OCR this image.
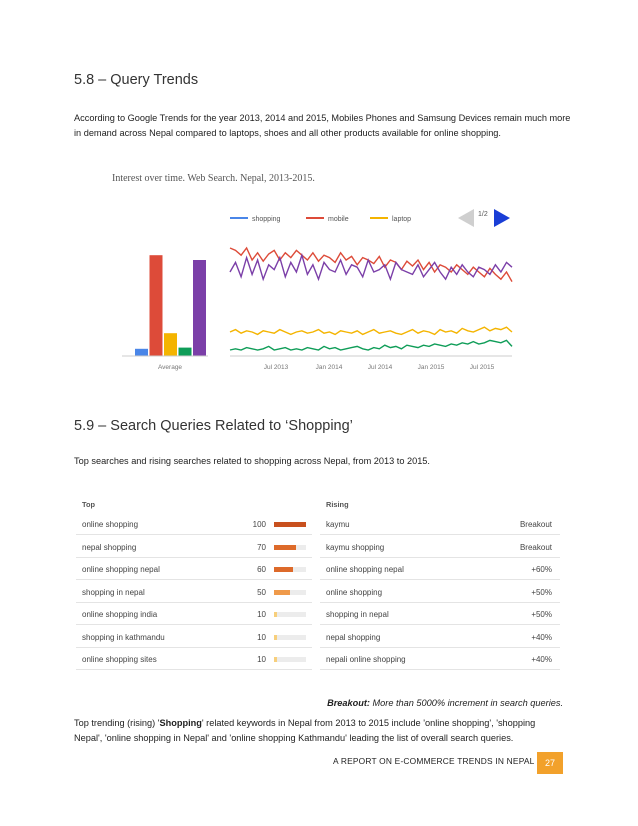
5.8 – Query Trends

According to Google Trends for the year 2013, 2014 and 2015, Mobiles Phones and Samsung Devices remain much more in demand across Nepal compared to laptops, shoes and all other products available for online shopping.

Interest over time. Web Search. Nepal, 2013-2015.
shopping	mobile	laptop
1/2
Average	Jul 2013	Jan 2014	Jul 2014	Jan 2015	Jul 2015
5.9 – Search Queries Related to ‘Shopping’

Top searches and rising searches related to shopping across Nepal, from 2013 to 2015.

Top
online shopping	100
nepal shopping	70
online shopping nepal	60
shopping in nepal	50
online shopping india	10
shopping in kathmandu	10
online shopping sites	10
Rising
kaymu	Breakout
kaymu shopping	Breakout
online shopping nepal	+60%
online shopping	+50%
shopping in nepal	+50%
nepal shopping	+40%
nepali online shopping	+40%
Breakout: More than 5000% increment in search queries.

Top trending (rising) 'Shopping' related keywords in Nepal from 2013 to 2015 include 'online shopping', 'shopping Nepal', 'online shopping in Nepal' and 'online shopping Kathmandu' leading the list of overall search queries.

A REPORT ON E-COMMERCE TRENDS IN NEPAL	27
